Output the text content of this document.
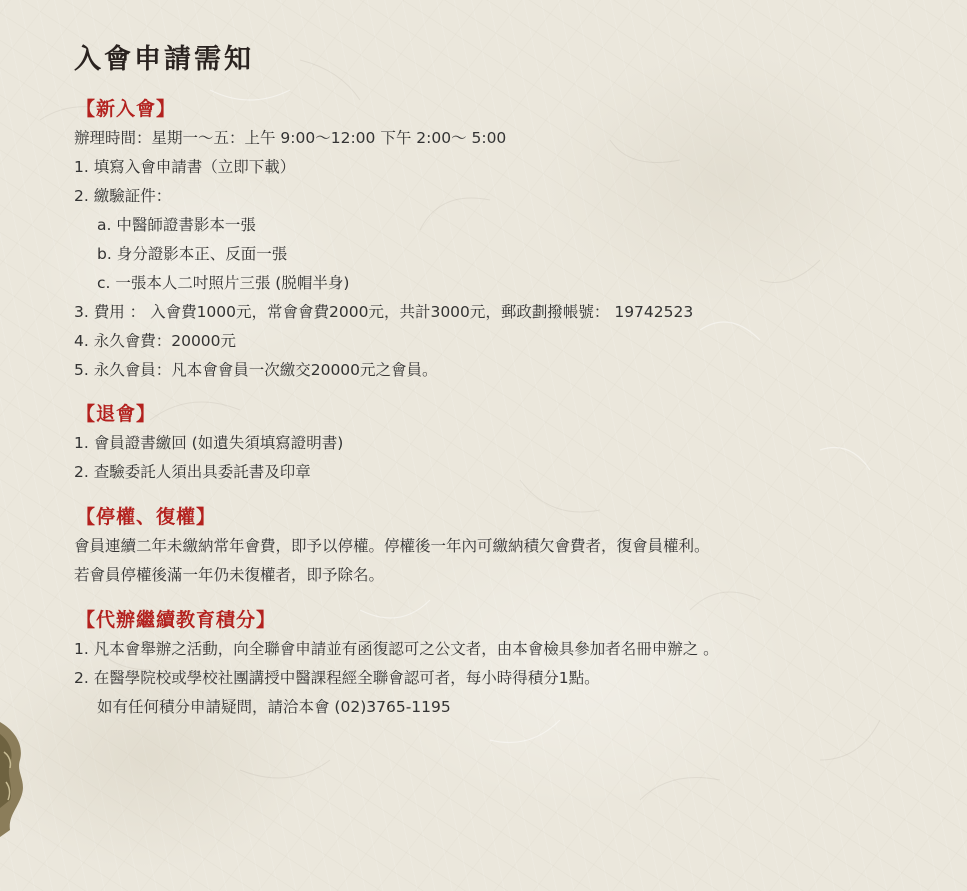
入會申請需知
【新入會】
辦理時間：星期一～五：上午 9:00～12:00 下午 2:00～ 5:00
1. 填寫入會申請書（立即下載）
2. 繳驗証件：
a. 中醫師證書影本一張
b. 身分證影本正、反面一張
c. 一張本人二吋照片三張 (脱帽半身)
3. 費用 ： 入會費1000元，常會會費2000元，共計3000元，郵政劃撥帳號： 19742523
4. 永久會費：20000元
5. 永久會員：凡本會會員一次繳交20000元之會員。
【退會】
1. 會員證書繳回 (如遺失須填寫證明書)
2. 查驗委託人須出具委託書及印章
【停權、復權】
會員連續二年未繳納常年會費，即予以停權。停權後一年內可繳納積欠會費者，復會員權利。
若會員停權後滿一年仍未復權者，即予除名。
【代辦繼續教育積分】
1. 凡本會舉辦之活動，向全聯會申請並有函復認可之公文者，由本會檢具參加者名冊申辦之 。
2. 在醫學院校或學校社團講授中醫課程經全聯會認可者，每小時得積分1點。
如有任何積分申請疑問，請洽本會 (02)3765-1195
